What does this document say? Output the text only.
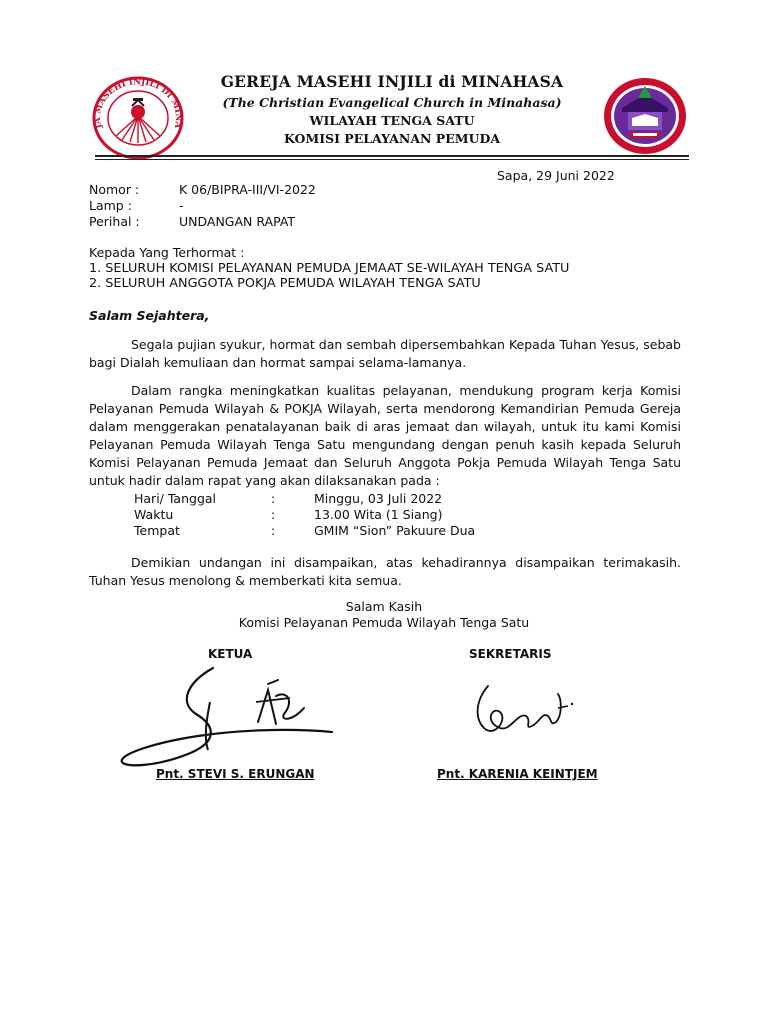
GEREJA MASEHI INJILI DI MINAHASA	GEREJA MASEHI INJILI di MINAHASA
(The Christian Evangelical Church in Minahasa)
WILAYAH TENGA SATU
KOMISI PELAYANAN PEMUDA
Sapa, 29 Juni 2022
Nomor :	K 06/BIPRA-III/VI-2022
Lamp :	-
Perihal :	UNDANGAN RAPAT
Kepada Yang Terhormat :
1. SELURUH KOMISI PELAYANAN PEMUDA JEMAAT SE-WILAYAH TENGA SATU
2. SELURUH ANGGOTA POKJA PEMUDA WILAYAH TENGA SATU
Salam Sejahtera,
Segala pujian syukur, hormat dan sembah dipersembahkan Kepada Tuhan Yesus, sebab bagi Dialah kemuliaan dan hormat sampai selama-lamanya.
Dalam rangka meningkatkan kualitas pelayanan, mendukung program kerja Komisi Pelayanan Pemuda Wilayah & POKJA Wilayah, serta mendorong Kemandirian Pemuda Gereja dalam menggerakan penatalayanan baik di aras jemaat dan wilayah, untuk itu kami Komisi Pelayanan Pemuda Wilayah Tenga Satu mengundang dengan penuh kasih kepada Seluruh Komisi Pelayanan Pemuda Jemaat dan Seluruh Anggota Pokja Pemuda Wilayah Tenga Satu untuk hadir dalam rapat yang akan dilaksanakan pada :
Hari/ Tanggal	:	Minggu, 03 Juli 2022
Waktu	:	13.00 Wita (1 Siang)
Tempat	:	GMIM “Sion” Pakuure Dua
Demikian undangan ini disampaikan, atas kehadirannya disampaikan terimakasih. Tuhan Yesus menolong & memberkati kita semua.
Salam Kasih
Komisi Pelayanan Pemuda Wilayah Tenga Satu
KETUA	SEKRETARIS
Pnt. STEVI S. ERUNGAN	Pnt. KARENIA KEINTJEM
